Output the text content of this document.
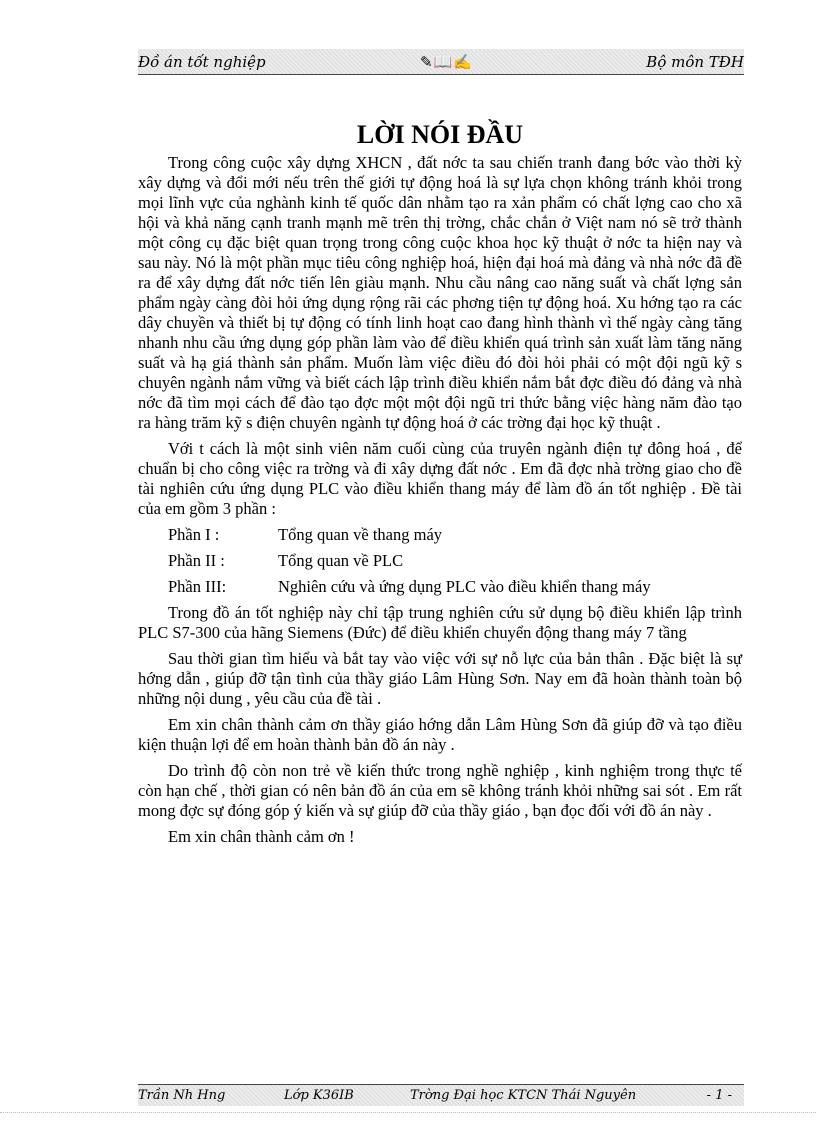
Đồ án tốt nghiệp	✎📖✍	Bộ môn TĐH
LỜI NÓI ĐẦU

Trong công cuộc xây dựng XHCN , đất nớc ta sau chiến tranh đang bớc vào thời kỳ xây dựng và đổi mới nếu trên thế giới tự động hoá là sự lựa chọn không tránh khỏi trong mọi lĩnh vực của nghành kinh tế quốc dân nhằm tạo ra xản phẩm có chất lợng cao cho xã hội và khả năng cạnh tranh mạnh mẽ trên thị trờng, chắc chắn ở Việt nam nó sẽ trở thành một công cụ đặc biệt quan trọng trong công cuộc khoa học kỹ thuật ở nớc ta hiện nay và sau này. Nó là một phần mục tiêu công nghiệp hoá, hiện đại hoá mà đảng và nhà nớc đã đề ra để xây dựng đất nớc tiến lên giàu mạnh. Nhu cầu nâng cao năng suất và chất lợng sản phẩm ngày càng đòi hỏi ứng dụng rộng rãi các phơng tiện tự động hoá. Xu hớng tạo ra các dây chuyền và thiết bị tự động có tính linh hoạt cao đang hình thành vì thế ngày càng tăng nhanh nhu cầu ứng dụng góp phần làm vào để điều khiển quá trình sản xuất làm tăng năng suất và hạ giá thành sản phẩm. Muốn làm việc điều đó đòi hỏi phải có một đội ngũ kỹ s chuyên ngành nắm vững và biết cách lập trình điều khiển nắm bắt đợc điều đó đảng và nhà nớc đã tìm mọi cách để đào tạo đợc một một đội ngũ tri thức bằng việc hàng năm đào tạo ra hàng trăm kỹ s điện chuyên ngành tự động hoá ở các trờng đại học kỹ thuật .

Với t cách là một sinh viên năm cuối cùng của truyên ngành điện tự đông hoá , để chuẩn bị cho công việc ra trờng và đi xây dựng đất nớc . Em đã đợc nhà trờng giao cho đề tài nghiên cứu ứng dụng PLC vào điều khiển thang máy để làm đồ án tốt nghiệp . Đề tài của em gồm 3 phần :

Phần I :	Tổng quan về thang máy

Phần II :	Tổng quan về PLC

Phần III:	Nghiên cứu và ứng dụng PLC vào điều khiển thang máy

Trong đồ án tốt nghiệp này chỉ tập trung nghiên cứu sử dụng bộ điều khiển lập trình PLC S7-300 của hãng Siemens (Đức) để điều khiển chuyển động thang máy 7 tầng

Sau thời gian tìm hiểu và bắt tay vào việc với sự nỗ lực của bản thân . Đặc biệt là sự hớng dẫn , giúp đỡ tận tình của thầy giáo Lâm Hùng Sơn. Nay em đã hoàn thành toàn bộ những nội dung , yêu cầu của đề tài .

Em xin chân thành cảm ơn thầy giáo hớng dẫn Lâm Hùng Sơn đã giúp đỡ và tạo điều kiện thuận lợi để em hoàn thành bản đồ án này .

Do trình độ còn non trẻ về kiến thức trong nghề nghiệp , kinh nghiệm trong thực tế còn hạn chế , thời gian có nên bản đồ án của em sẽ không tránh khỏi những sai sót . Em rất mong đợc sự đóng góp ý kiến và sự giúp đỡ của thầy giáo , bạn đọc đối với đồ án này .

Em xin chân thành cảm ơn !

Trần Nh Hng	Lớp K36IB	Trờng Đại học KTCN Thái Nguyên	- 1 -
